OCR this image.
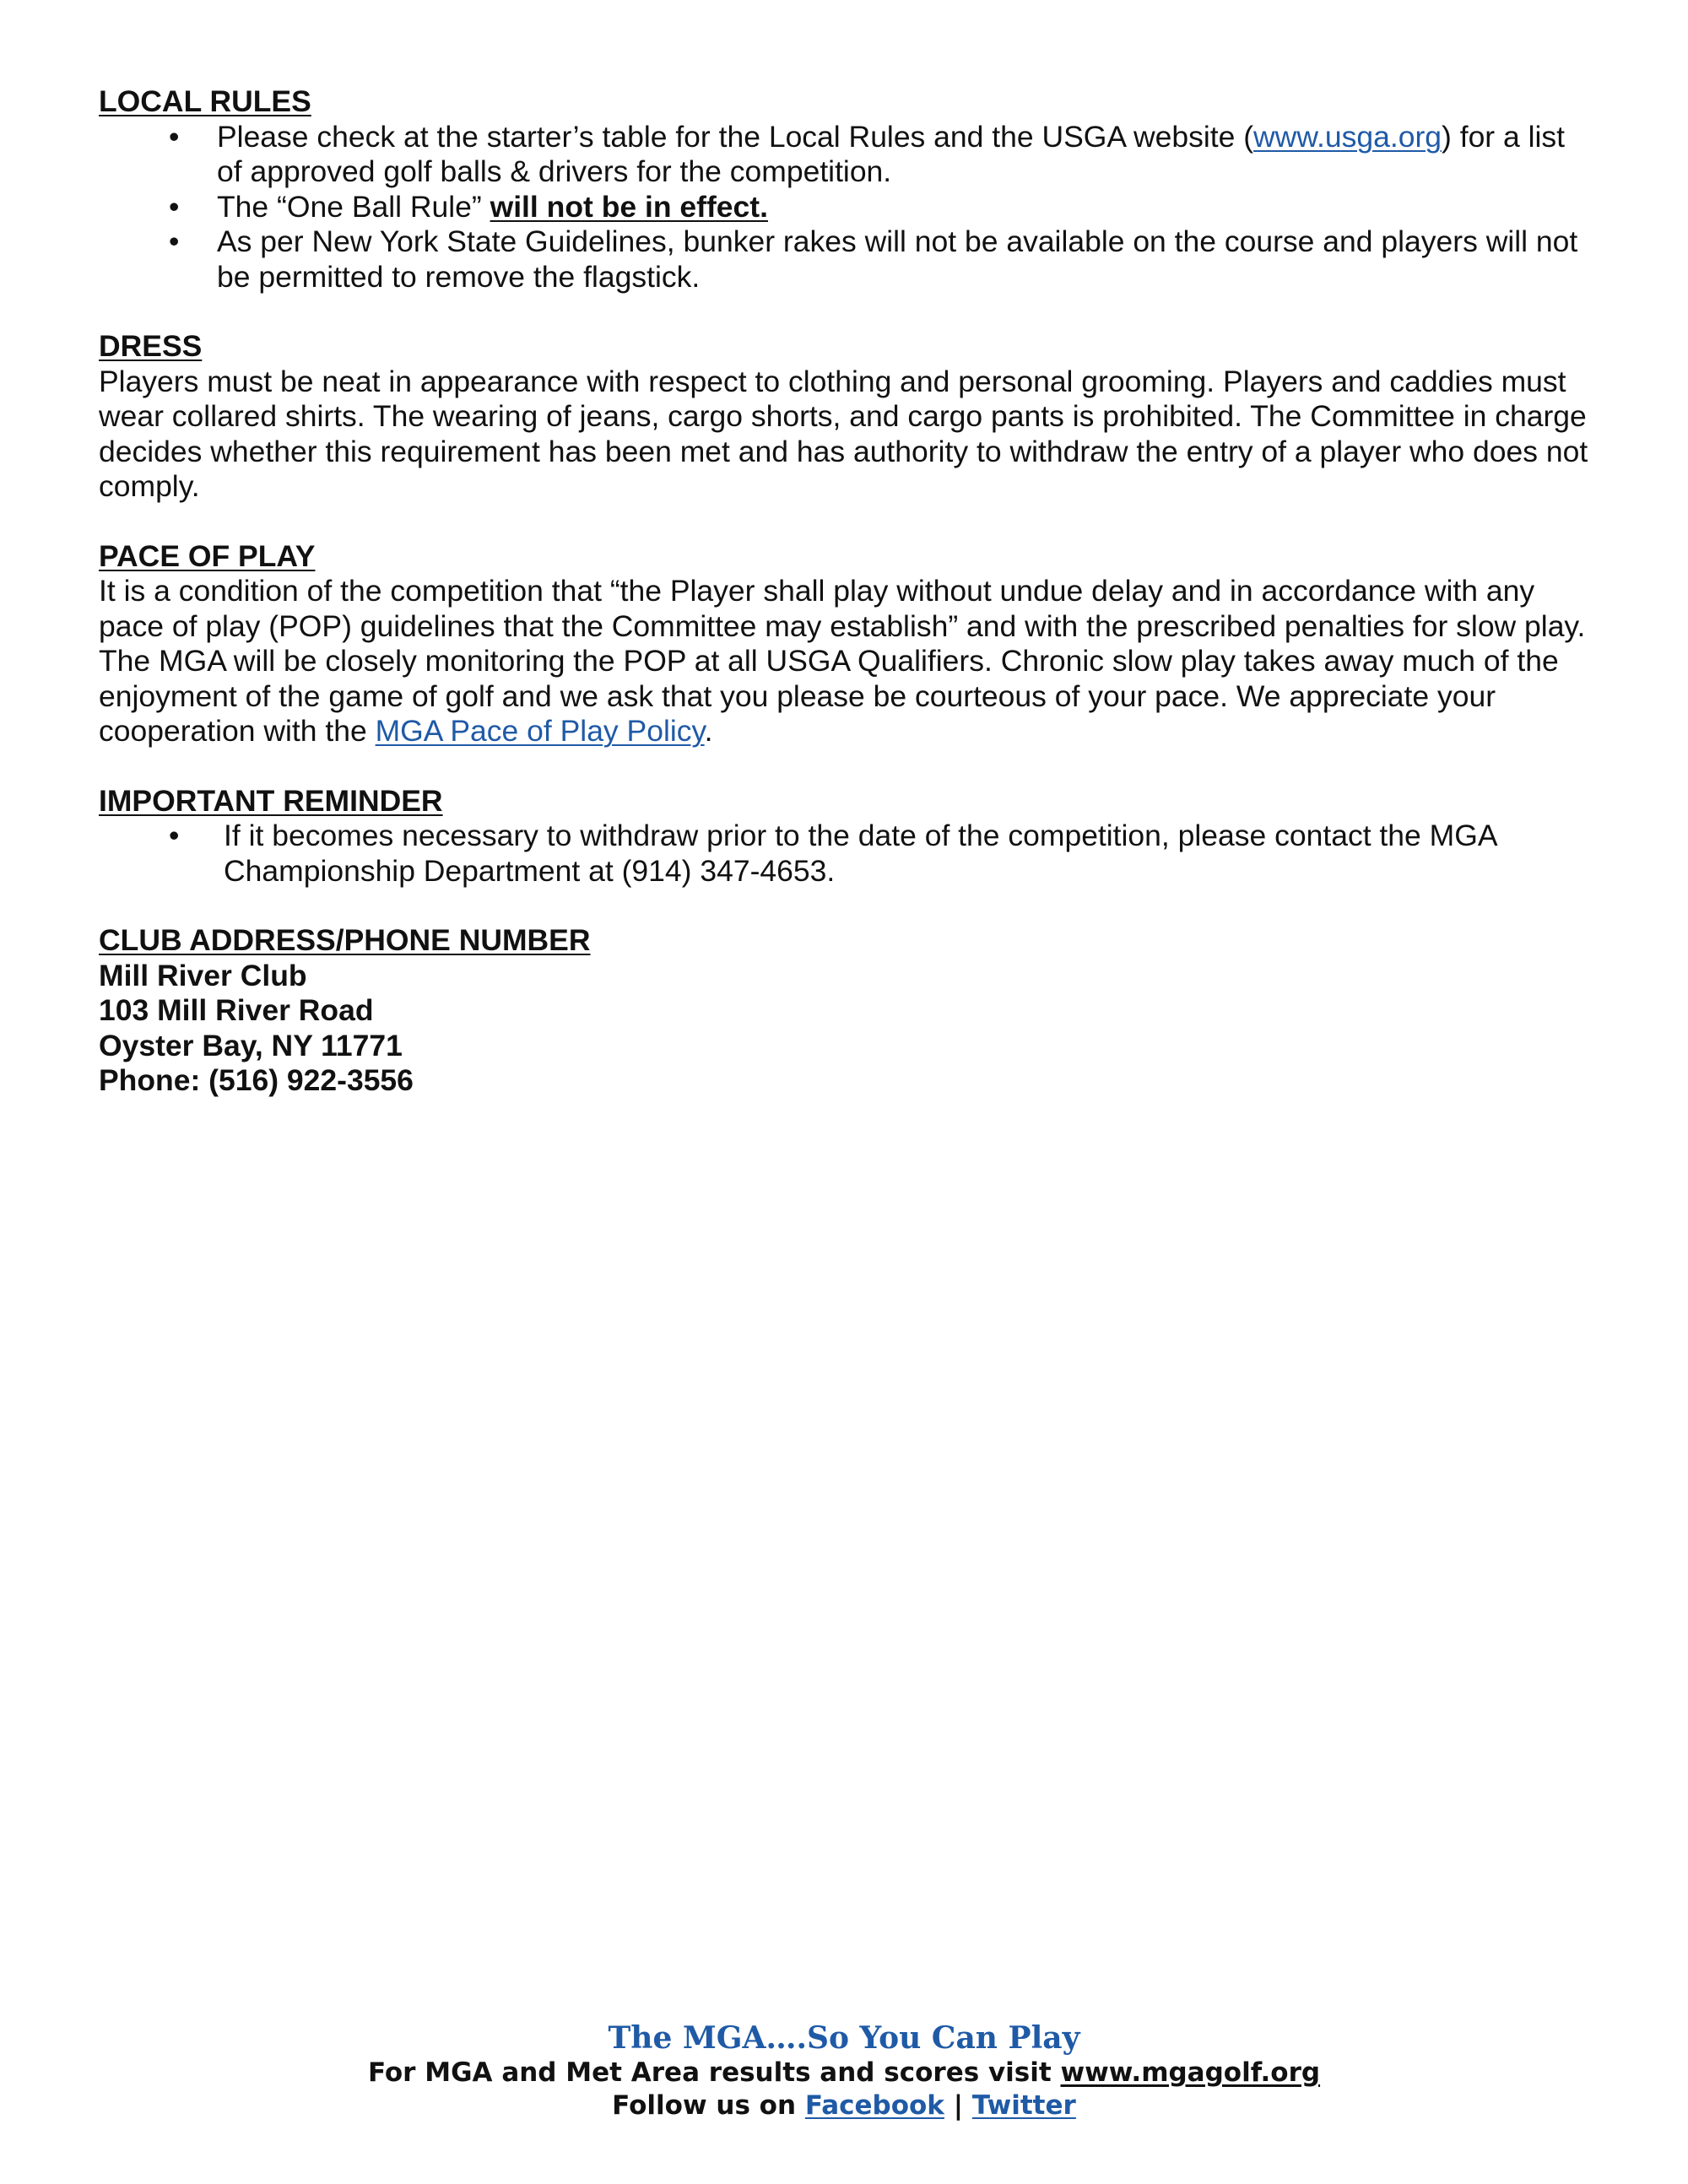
LOCAL RULES

• Please check at the starter’s table for the Local Rules and the USGA website (www.usga.org) for a list of approved golf balls & drivers for the competition.
• The “One Ball Rule” will not be in effect.
• As per New York State Guidelines, bunker rakes will not be available on the course and players will not be permitted to remove the flagstick.

DRESS

Players must be neat in appearance with respect to clothing and personal grooming. Players and caddies must wear collared shirts. The wearing of jeans, cargo shorts, and cargo pants is prohibited. The Committee in charge decides whether this requirement has been met and has authority to withdraw the entry of a player who does not comply.

PACE OF PLAY

It is a condition of the competition that “the Player shall play without undue delay and in accordance with any pace of play (POP) guidelines that the Committee may establish” and with the prescribed penalties for slow play. The MGA will be closely monitoring the POP at all USGA Qualifiers. Chronic slow play takes away much of the enjoyment of the game of golf and we ask that you please be courteous of your pace. We appreciate your cooperation with the MGA Pace of Play Policy.

IMPORTANT REMINDER

• If it becomes necessary to withdraw prior to the date of the competition, please contact the MGA Championship Department at (914) 347-4653.

CLUB ADDRESS/PHONE NUMBER

Mill River Club

103 Mill River Road

Oyster Bay, NY 11771

Phone: (516) 922-3556

The MGA….So You Can Play

For MGA and Met Area results and scores visit www.mgagolf.org

Follow us on Facebook | Twitter
